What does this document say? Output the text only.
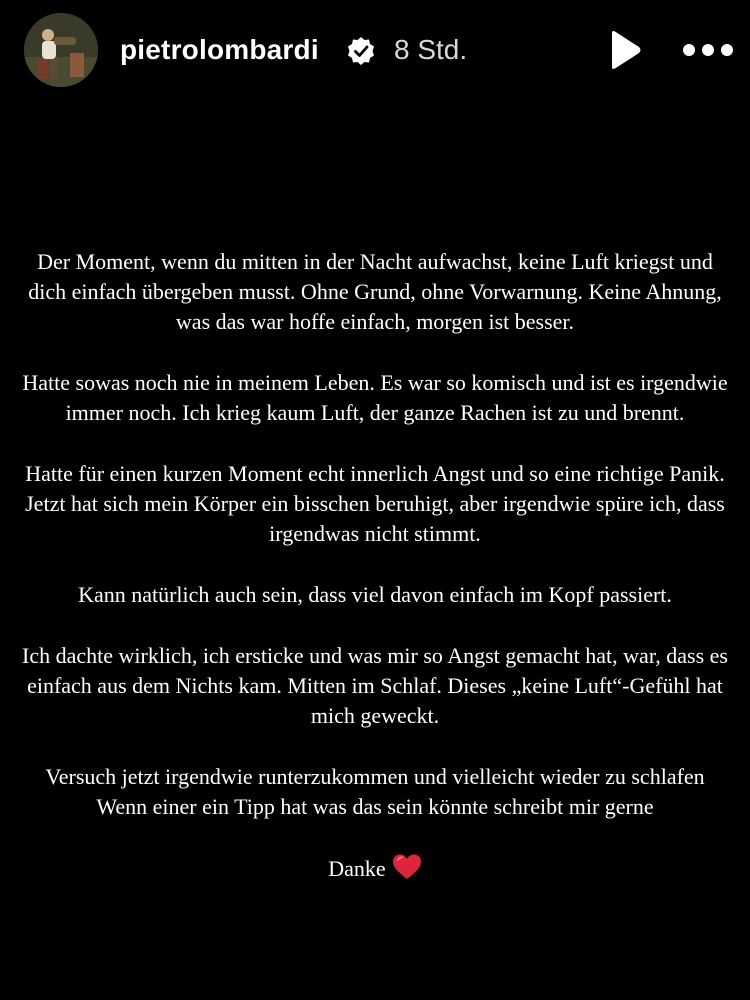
pietrolombardi	8 Std.

Der Moment, wenn du mitten in der Nacht aufwachst, keine Luft kriegst und dich einfach übergeben musst. Ohne Grund, ohne Vorwarnung. Keine Ahnung, was das war hoffe einfach, morgen ist besser.

Hatte sowas noch nie in meinem Leben. Es war so komisch und ist es irgendwie immer noch. Ich krieg kaum Luft, der ganze Rachen ist zu und brennt.

Hatte für einen kurzen Moment echt innerlich Angst und so eine richtige Panik. Jetzt hat sich mein Körper ein bisschen beruhigt, aber irgendwie spüre ich, dass irgendwas nicht stimmt.

Kann natürlich auch sein, dass viel davon einfach im Kopf passiert.

Ich dachte wirklich, ich ersticke und was mir so Angst gemacht hat, war, dass es einfach aus dem Nichts kam. Mitten im Schlaf. Dieses „keine Luft“-Gefühl hat mich geweckt.

Versuch jetzt irgendwie runterzukommen und vielleicht wieder zu schlafen

Wenn einer ein Tipp hat was das sein könnte schreibt mir gerne

Danke
